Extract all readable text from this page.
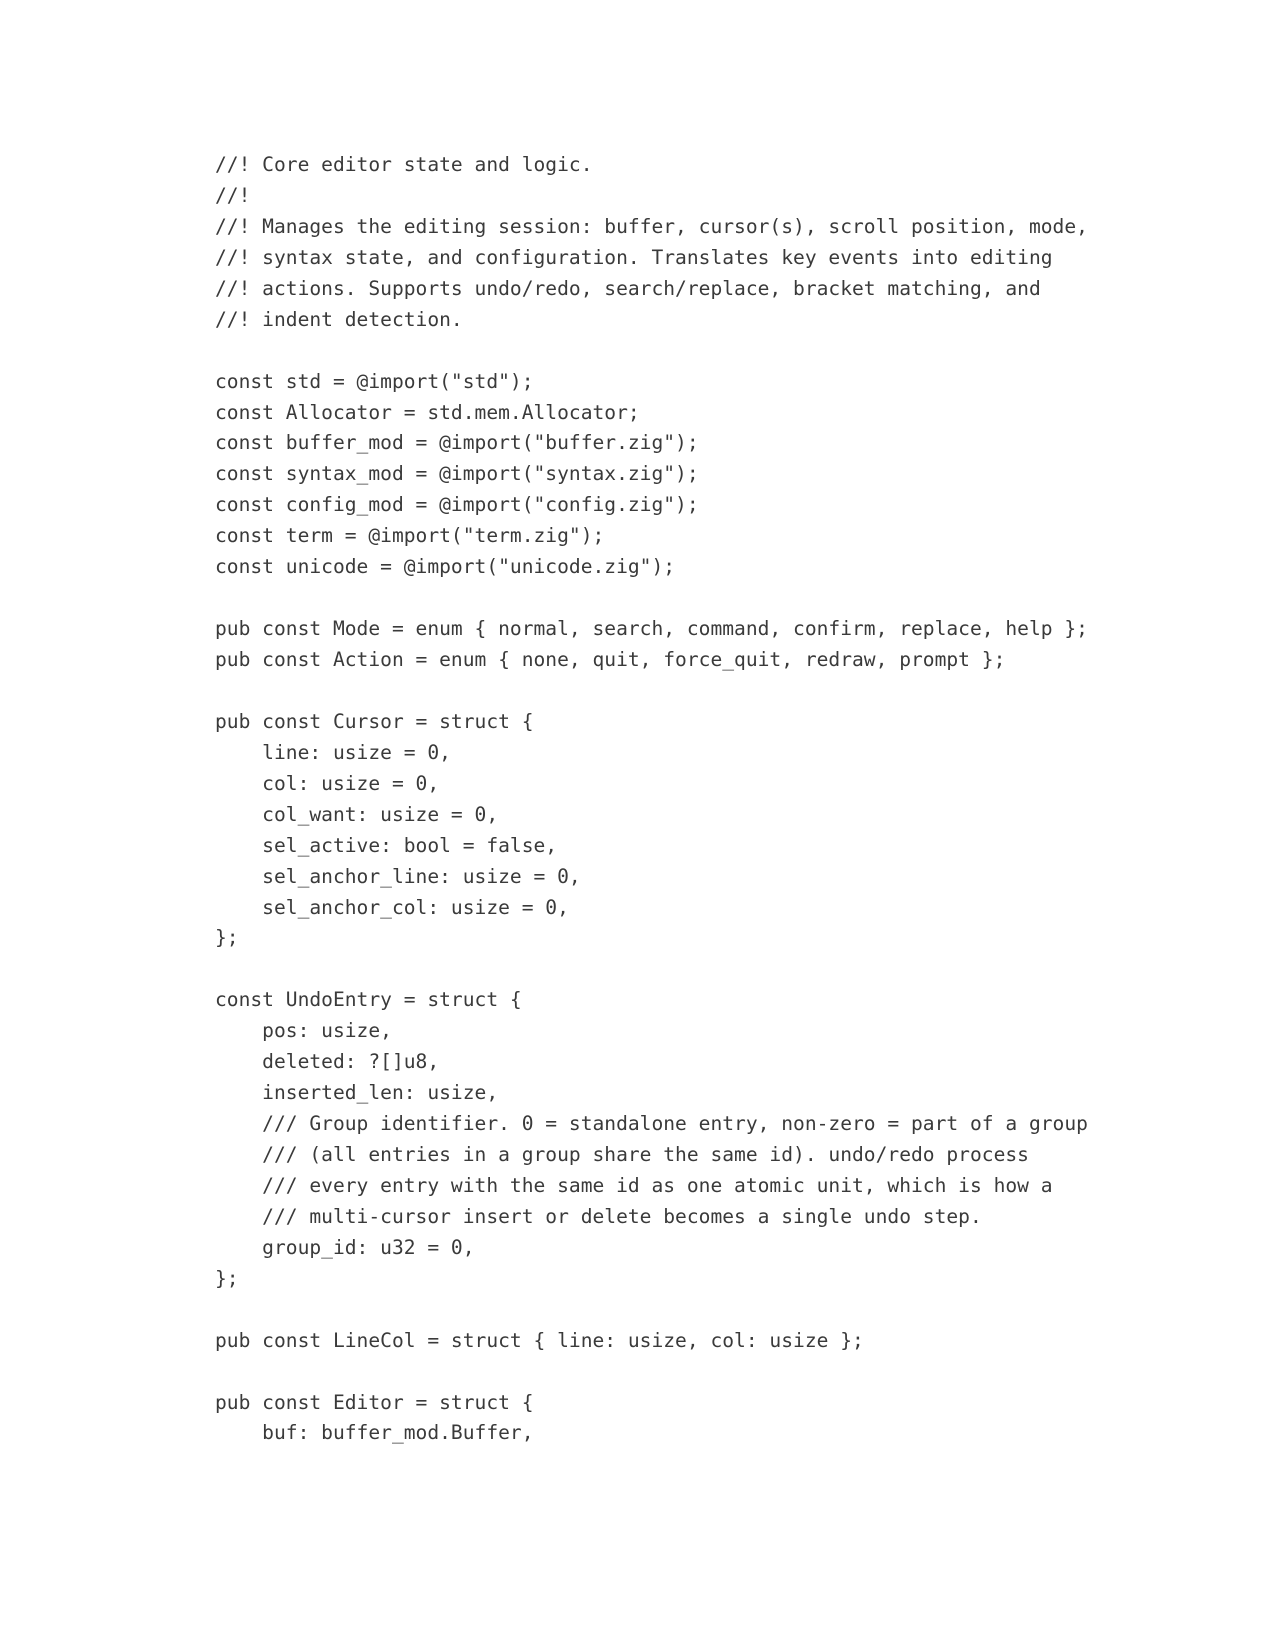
//! Core editor state and logic.
//!
//! Manages the editing session: buffer, cursor(s), scroll position, mode,
//! syntax state, and configuration. Translates key events into editing
//! actions. Supports undo/redo, search/replace, bracket matching, and
//! indent detection.
const std = @import("std");
const Allocator = std.mem.Allocator;
const buffer_mod = @import("buffer.zig");
const syntax_mod = @import("syntax.zig");
const config_mod = @import("config.zig");
const term = @import("term.zig");
const unicode = @import("unicode.zig");
pub const Mode = enum { normal, search, command, confirm, replace, help };
pub const Action = enum { none, quit, force_quit, redraw, prompt };
pub const Cursor = struct {
line: usize = 0,
col: usize = 0,
col_want: usize = 0,
sel_active: bool = false,
sel_anchor_line: usize = 0,
sel_anchor_col: usize = 0,
};
const UndoEntry = struct {
pos: usize,
deleted: ?[]u8,
inserted_len: usize,
/// Group identifier. 0 = standalone entry, non-zero = part of a group
/// (all entries in a group share the same id). undo/redo process
/// every entry with the same id as one atomic unit, which is how a
/// multi-cursor insert or delete becomes a single undo step.
group_id: u32 = 0,
};
pub const LineCol = struct { line: usize, col: usize };
pub const Editor = struct {
buf: buffer_mod.Buffer,
